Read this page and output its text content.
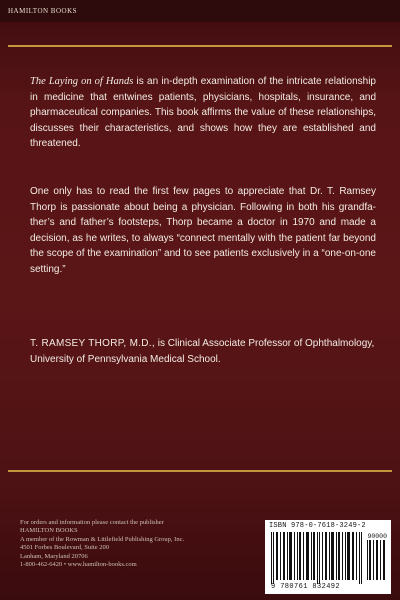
HAMILTON BOOKS

The Laying on of Hands is an in-depth examination of the intricate relationship in medicine that entwines patients, physicians, hospitals, insurance, and pharmaceutical companies. This book affirms the value of these relationships, discusses their characteristics, and shows how they are established and threatened.

One only has to read the first few pages to appreciate that Dr. T. Ramsey Thorp is passionate about being a physician. Following in both his grandfa-ther’s and father’s footsteps, Thorp became a doctor in 1970 and made a decision, as he writes, to always “connect mentally with the patient far beyond the scope of the examination” and to see patients exclusively in a “one-on-one setting.”

T. RAMSEY THORP, M.D., is Clinical Associate Professor of Ophthalmology, University of Pennsylvania Medical School.

For orders and information please contact the publisher
HAMILTON BOOKS
A member of the Rowman & Littlefield Publishing Group, Inc.
4501 Forbes Boulevard, Suite 200
Lanham, Maryland 20706
1-800-462-6420 • www.hamilton-books.com
ISBN 978-0-7618-3249-2
90000
9 780761 832492
